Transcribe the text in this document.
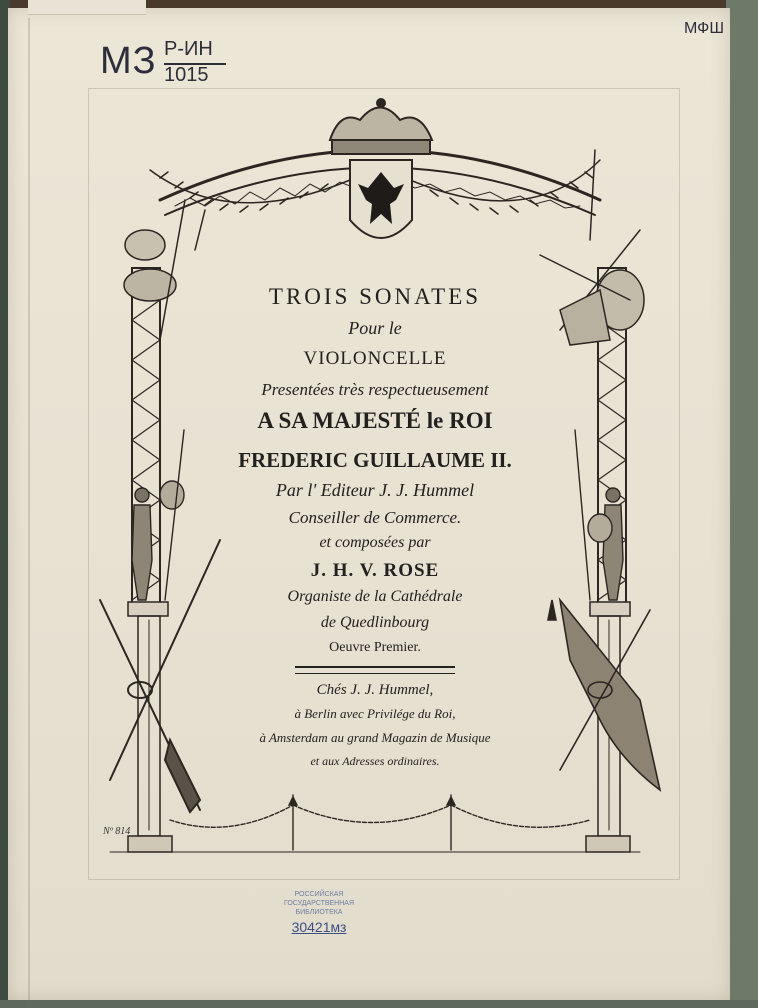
МЗ Р-ИН
1015
МФШ
TROIS SONATES
Pour le
VIOLONCELLE
Presentées très respectueusement
A SA MAJESTÉ le ROI
FREDERIC GUILLAUME II.
Par l' Editeur J. J. Hummel
Conseiller de Commerce.
et composées par
J. H. V. ROSE
Organiste de la Cathédrale
de Quedlinbourg
Oeuvre Premier.
Chés J. J. Hummel,
à Berlin avec Privilége du Roi,
à Amsterdam au grand Magazin de Musique
et aux Adresses ordinaires.
Nº 814
РОССИЙСКАЯ
ГОСУДАРСТВЕННАЯ
БИБЛИОТЕКА
30421мз
